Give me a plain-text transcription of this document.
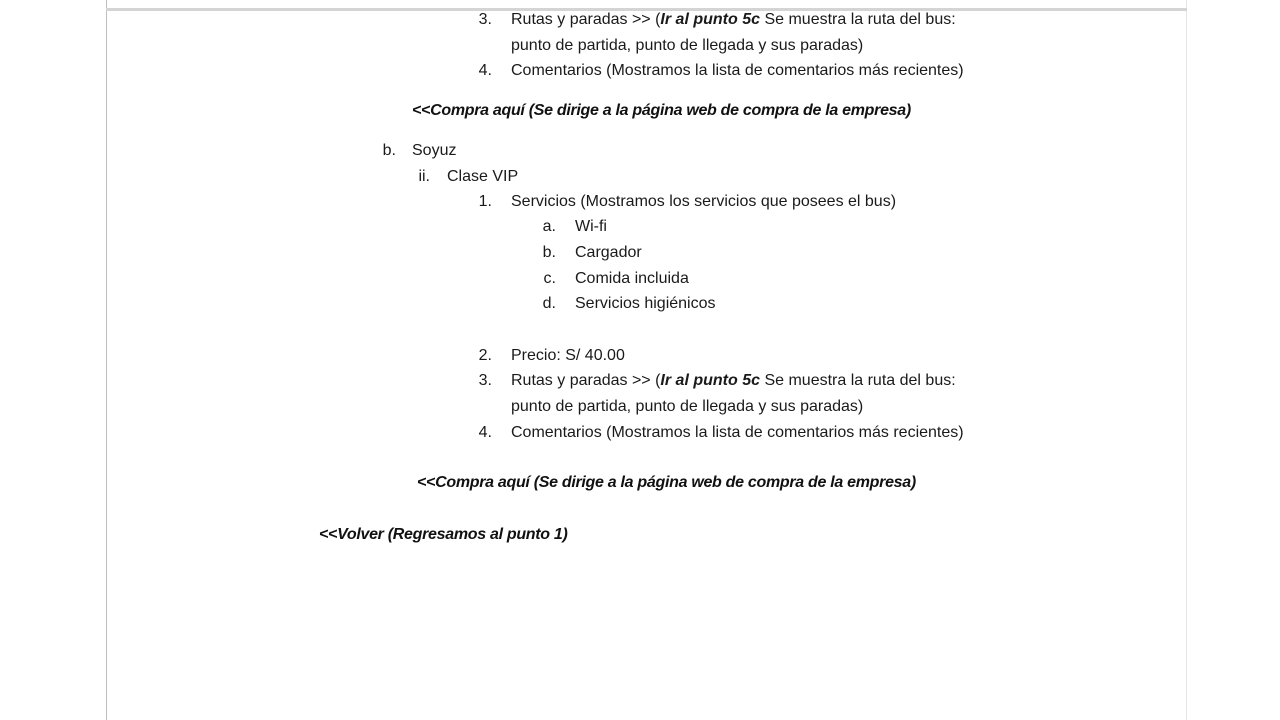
3. Rutas y paradas >> (Ir al punto 5c Se muestra la ruta del bus:
punto de partida, punto de llegada y sus paradas)
4. Comentarios (Mostramos la lista de comentarios más recientes)
<<Compra aquí (Se dirige a la página web de compra de la empresa)
b. Soyuz
ii. Clase VIP
1. Servicios (Mostramos los servicios que posees el bus)
a. Wi-fi
b. Cargador
c. Comida incluida
d. Servicios higiénicos
2. Precio: S/ 40.00
3. Rutas y paradas >> (Ir al punto 5c Se muestra la ruta del bus:
punto de partida, punto de llegada y sus paradas)
4. Comentarios (Mostramos la lista de comentarios más recientes)
<<Compra aquí (Se dirige a la página web de compra de la empresa)
<<Volver (Regresamos al punto 1)
